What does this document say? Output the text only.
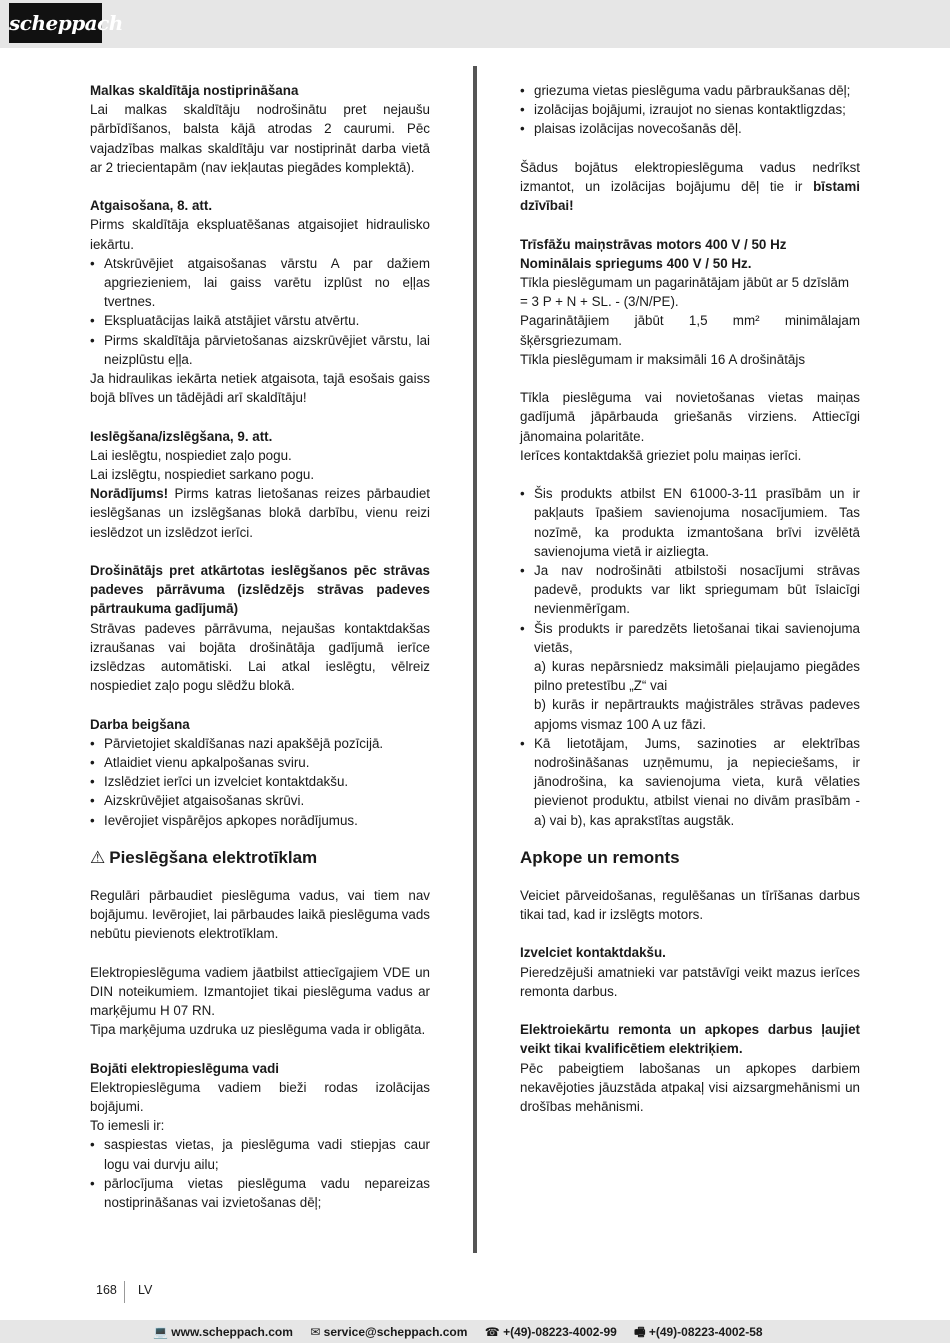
scheppach

Malkas skaldītāja nostiprināšana

Lai malkas skaldītāju nodrošinātu pret nejaušu pārbīdīšanos, balsta kājā atrodas 2 caurumi. Pēc vajadzības malkas skaldītāju var nostiprināt darba vietā ar 2 triecientapām (nav iekļautas piegādes komplektā).

Atgaisošana, 8. att.

Pirms skaldītāja ekspluatēšanas atgaisojiet hidraulisko iekārtu.

• Atskrūvējiet atgaisošanas vārstu A par dažiem apgriezieniem, lai gaiss varētu izplūst no eļļas tvertnes.
• Ekspluatācijas laikā atstājiet vārstu atvērtu.
• Pirms skaldītāja pārvietošanas aizskrūvējiet vārstu, lai neizplūstu eļļa.

Ja hidraulikas iekārta netiek atgaisota, tajā esošais gaiss bojā blīves un tādējādi arī skaldītāju!

Ieslēgšana/izslēgšana, 9. att.

Lai ieslēgtu, nospiediet zaļo pogu.

Lai izslēgtu, nospiediet sarkano pogu.

Norādījums! Pirms katras lietošanas reizes pārbaudiet ieslēgšanas un izslēgšanas blokā darbību, vienu reizi ieslēdzot un izslēdzot ierīci.

Drošinātājs pret atkārtotas ieslēgšanos pēc strāvas padeves pārrāvuma (izslēdzējs strāvas padeves pārtraukuma gadījumā)

Strāvas padeves pārrāvuma, nejaušas kontaktdakšas izraušanas vai bojāta drošinātāja gadījumā ierīce izslēdzas automātiski. Lai atkal ieslēgtu, vēlreiz nospiediet zaļo pogu slēdžu blokā.

Darba beigšana

• Pārvietojiet skaldīšanas nazi apakšējā pozīcijā.
• Atlaidiet vienu apkalpošanas sviru.
• Izslēdziet ierīci un izvelciet kontaktdakšu.
• Aizskrūvējiet atgaisošanas skrūvi.
• Ievērojiet vispārējos apkopes norādījumus.
⚠ Pieslēgšana elektrotīklam

Regulāri pārbaudiet pieslēguma vadus, vai tiem nav bojājumu. Ievērojiet, lai pārbaudes laikā pieslēguma vads nebūtu pievienots elektrotīklam.

Elektropieslēguma vadiem jāatbilst attiecīgajiem VDE un DIN noteikumiem. Izmantojiet tikai pieslēguma vadus ar marķējumu H 07 RN.

Tipa marķējuma uzdruka uz pieslēguma vada ir obligāta.

Bojāti elektropieslēguma vadi

Elektropieslēguma vadiem bieži rodas izolācijas bojājumi.

To iemesli ir:

• saspiestas vietas, ja pieslēguma vadi stiepjas caur logu vai durvju ailu;
• pārlocījuma vietas pieslēguma vadu nepareizas nostiprināšanas vai izvietošanas dēļ;
• griezuma vietas pieslēguma vadu pārbraukšanas dēļ;
• izolācijas bojājumi, izraujot no sienas kontaktligzdas;
• plaisas izolācijas novecošanās dēļ.

Šādus bojātus elektropieslēguma vadus nedrīkst izmantot, un izolācijas bojājumu dēļ tie ir bīstami dzīvībai!

Trīsfāžu maiņstrāvas motors 400 V / 50 Hz

Nominālais spriegums 400 V / 50 Hz.

Tīkla pieslēgumam un pagarinātājam jābūt ar 5 dzīslām

= 3 P + N + SL. - (3/N/PE).

Pagarinātājiem jābūt 1,5 mm² minimālajam šķērsgriezumam.

Tīkla pieslēgumam ir maksimāli 16 A drošinātājs

Tīkla pieslēguma vai novietošanas vietas maiņas gadījumā jāpārbauda griešanās virziens. Attiecīgi jānomaina polaritāte.

Ierīces kontaktdakšā grieziet polu maiņas ierīci.

• Šis produkts atbilst EN 61000-3-11 prasībām un ir pakļauts īpašiem savienojuma nosacījumiem. Tas nozīmē, ka produkta izmantošana brīvi izvēlētā savienojuma vietā ir aizliegta.
• Ja nav nodrošināti atbilstoši nosacījumi strāvas padevē, produkts var likt spriegumam būt īslaicīgi nevienmērīgam.
• Šis produkts ir paredzēts lietošanai tikai savienojuma vietās,
a) kuras nepārsniedz maksimāli pieļaujamo piegādes pilno pretestību „Z“ vai
b) kurās ir nepārtraukts maģistrāles strāvas padeves apjoms vismaz 100 A uz fāzi.
• Kā lietotājam, Jums, sazinoties ar elektrības nodrošināšanas uzņēmumu, ja nepieciešams, ir jānodrošina, ka savienojuma vieta, kurā vēlaties pievienot produktu, atbilst vienai no divām prasībām - a) vai b), kas aprakstītas augstāk.
Apkope un remonts

Veiciet pārveidošanas, regulēšanas un tīrīšanas darbus tikai tad, kad ir izslēgts motors.

Izvelciet kontaktdakšu.

Pieredzējuši amatnieki var patstāvīgi veikt mazus ierīces remonta darbus.

Elektroiekārtu remonta un apkopes darbus ļaujiet veikt tikai kvalificētiem elektriķiem.

Pēc pabeigtiem labošanas un apkopes darbiem nekavējoties jāuzstāda atpakaļ visi aizsargmehānismi un drošības mehānismi.

168 LV
💻 www.scheppach.com ✉ service@scheppach.com ☎ +(49)-08223-4002-99 🖷 +(49)-08223-4002-58
